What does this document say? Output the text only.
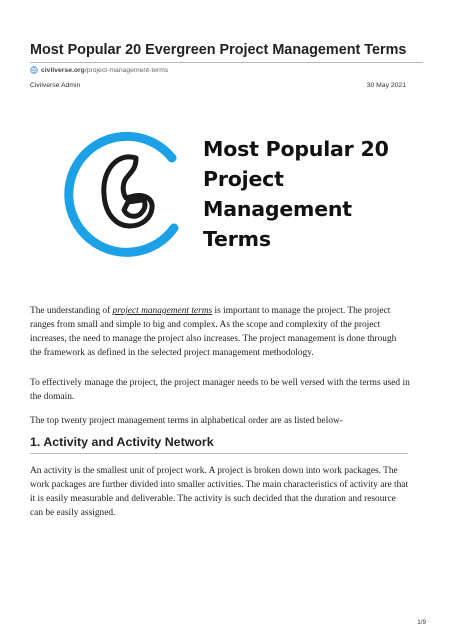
Most Popular 20 Evergreen Project Management Terms
civilverse.org/project-management-terms
Civilverse Admin	30 May 2021
Most Popular 20
Project
Management
Terms
The understanding of project management terms is important to manage the project. The project ranges from small and simple to big and complex. As the scope and complexity of the project increases, the need to manage the project also increases. The project management is done through the framework as defined in the selected project management methodology.
To effectively manage the project, the project manager needs to be well versed with the terms used in the domain.
The top twenty project management terms in alphabetical order are as listed below-
1. Activity and Activity Network
An activity is the smallest unit of project work. A project is broken down into work packages. The work packages are further divided into smaller activities. The main characteristics of activity are that it is easily measurable and deliverable. The activity is such decided that the duration and resource can be easily assigned.
1/9
